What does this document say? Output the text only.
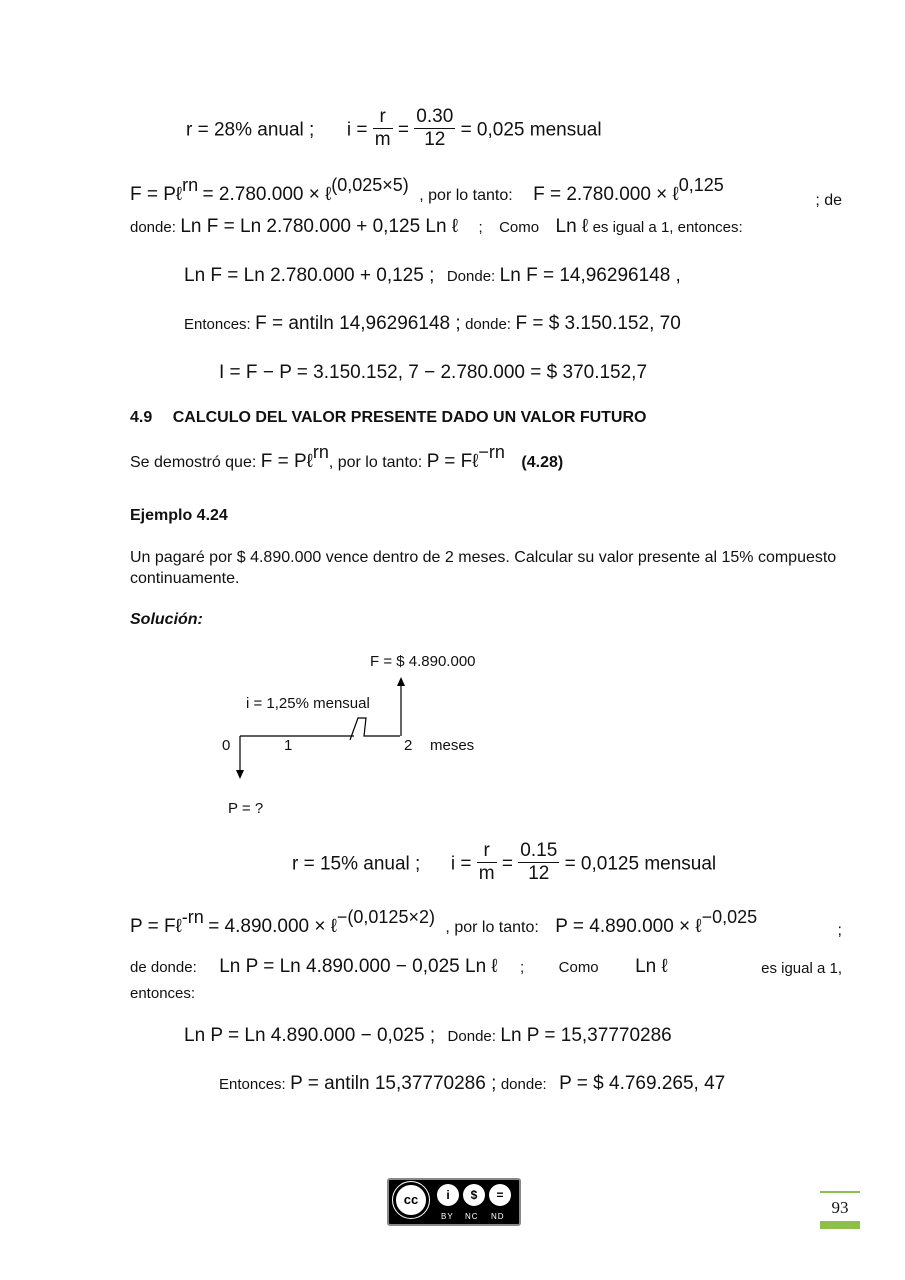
r = 28% anual ; $i = \frac{r}{m} = \frac{0.30}{12} = 0,025$ mensual
F = Pℓrn = 2.780.000 × ℓ(0,025×5) , por lo tanto: F = 2.780.000 × ℓ0,125
; de
donde: Ln F = Ln 2.780.000 + 0,125 Ln ℓ ; Como Ln ℓ es igual a 1, entonces:
Ln F = Ln 2.780.000 + 0,125 ; Donde: Ln F = 14,96296148 ,
Entonces: F = antiln 14,96296148 ; donde: F = $ 3.150.152, 70
I = F − P = 3.150.152, 7 − 2.780.000 = $ 370.152,7
4.9 CALCULO DEL VALOR PRESENTE DADO UN VALOR FUTURO
Se demostró que: F = Pℓrn, por lo tanto: P = Fℓ−rn (4.28)
Ejemplo 4.24
Un pagaré por $ 4.890.000 vence dentro de 2 meses. Calcular su valor presente al 15% compuesto continuamente.
Solución:
F = $ 4.890.000
i = 1,25% mensual
0	1	2 meses
P = ?
r = 15% anual ; $i = \frac{r}{m} = \frac{0.15}{12} = 0,0125$ mensual
P = Fℓ-rn = 4.890.000 × ℓ−(0,0125×2) , por lo tanto: P = 4.890.000 × ℓ−0,025
;
de donde: Ln P = Ln 4.890.000 − 0,025 Ln ℓ ; Como Ln ℓ	es igual a 1,
entonces:
Ln P = Ln 4.890.000 − 0,025 ; Donde: Ln P = 15,37770286
Entonces: P = antiln 15,37770286 ; donde: P = $ 4.769.265, 47
cc	i	$	=
BY NC ND	93
